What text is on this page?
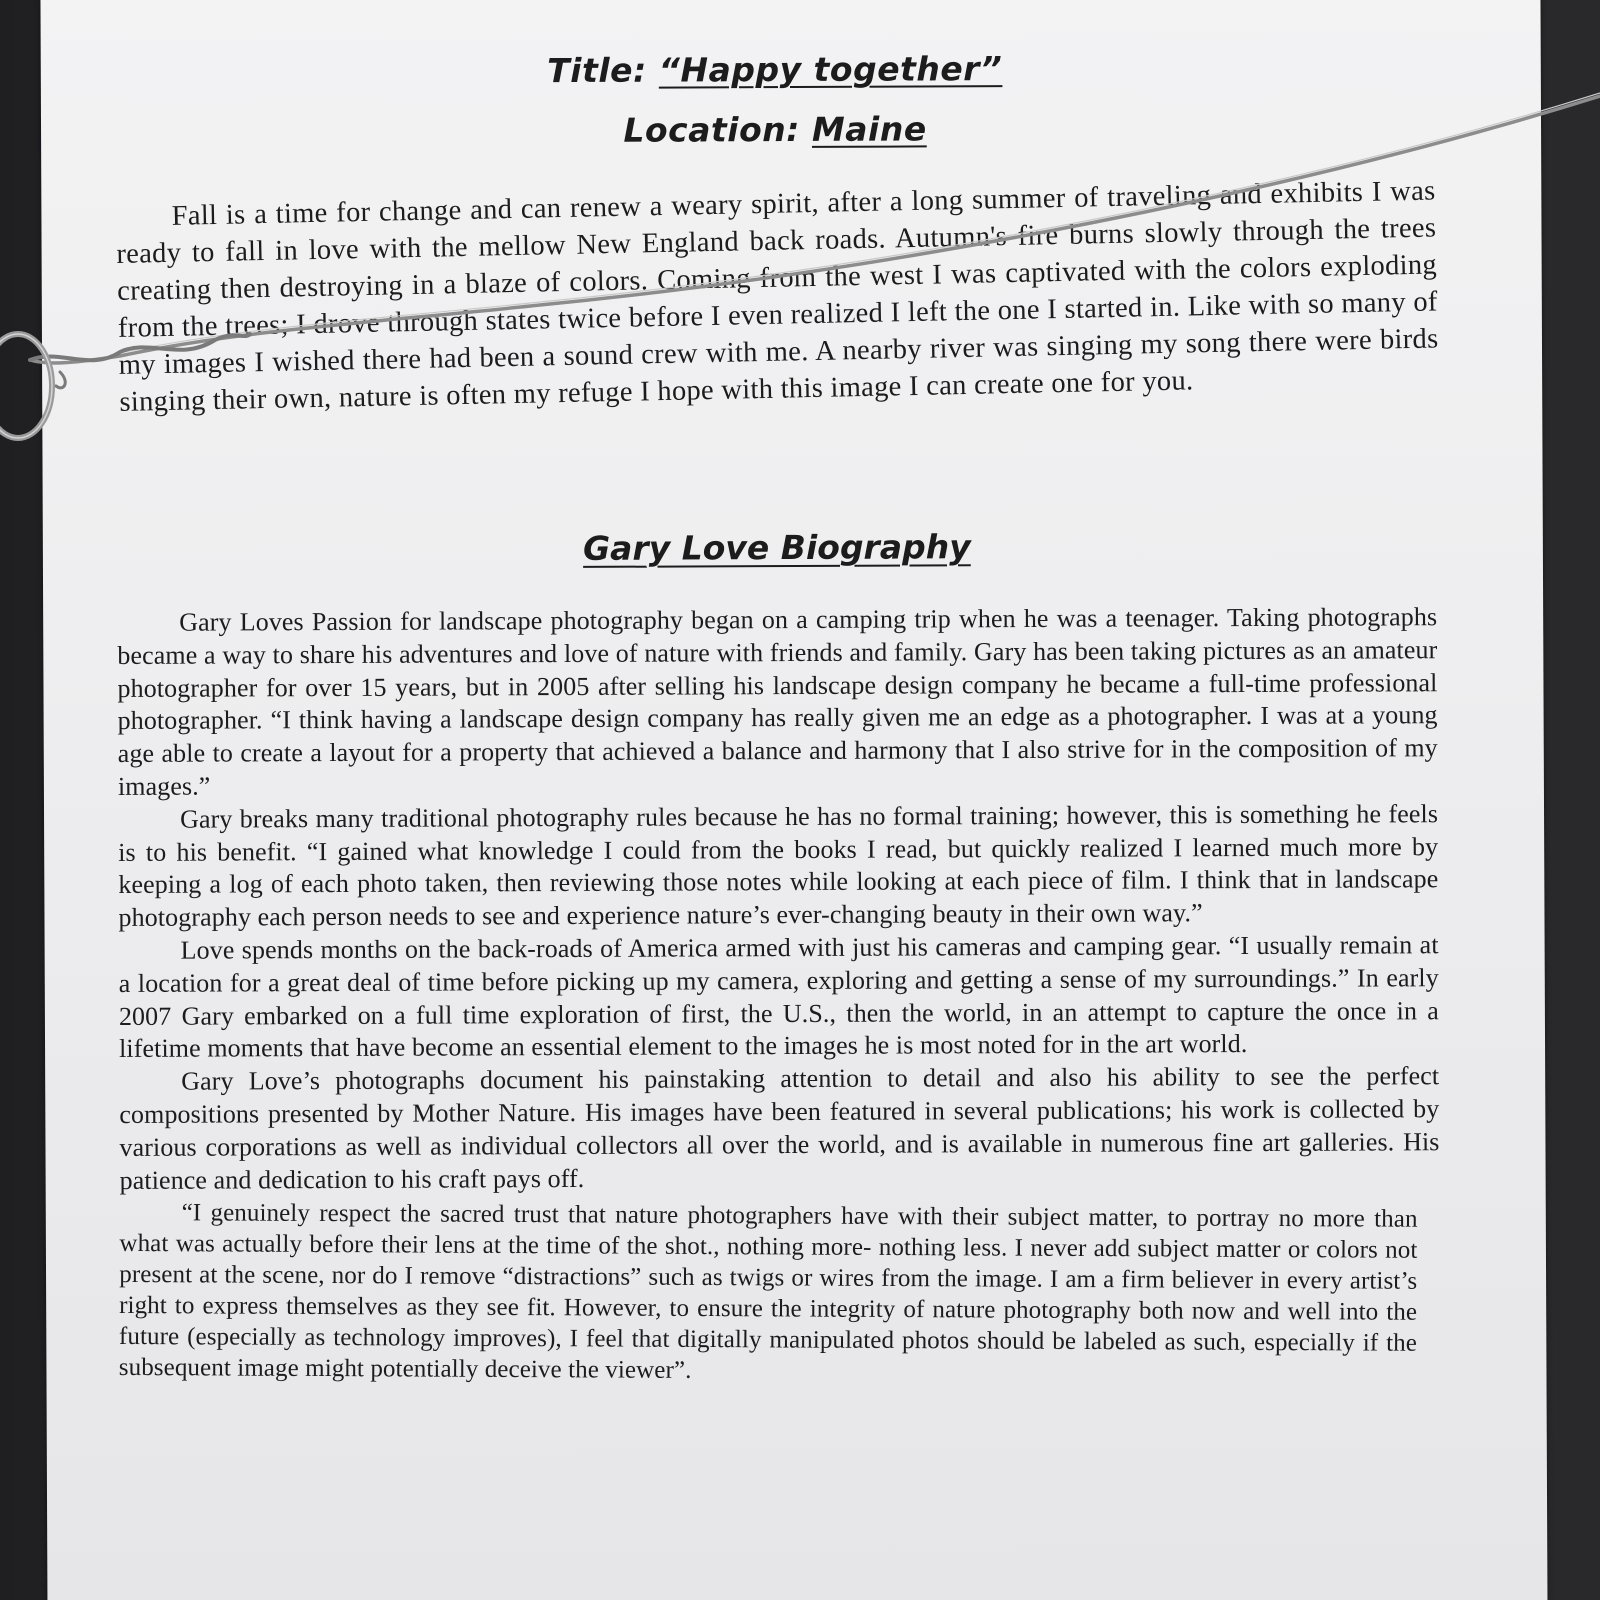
Title: “Happy together”
Location: Maine

Fall is a time for change and can renew a weary spirit, after a long summer of traveling and exhibits I was ready to fall in love with the mellow New England back roads. Autumn's fire burns slowly through the trees creating then destroying in a blaze of colors. Coming from the west I was captivated with the colors exploding from the trees; I drove through states twice before I even realized I left the one I started in. Like with so many of my images I wished there had been a sound crew with me. A nearby river was singing my song there were birds singing their own, nature is often my refuge I hope with this image I can create one for you.

Gary Love Biography

Gary Loves Passion for landscape photography began on a camping trip when he was a teenager. Taking photographs became a way to share his adventures and love of nature with friends and family. Gary has been taking pictures as an amateur photographer for over 15 years, but in 2005 after selling his landscape design company he became a full-time professional photographer. “I think having a landscape design company has really given me an edge as a photographer. I was at a young age able to create a layout for a property that achieved a balance and harmony that I also strive for in the composition of my images.”

Gary breaks many traditional photography rules because he has no formal training; however, this is something he feels is to his benefit. “I gained what knowledge I could from the books I read, but quickly realized I learned much more by keeping a log of each photo taken, then reviewing those notes while looking at each piece of film. I think that in landscape photography each person needs to see and experience nature’s ever-changing beauty in their own way.”

Love spends months on the back-roads of America armed with just his cameras and camping gear. “I usually remain at a location for a great deal of time before picking up my camera, exploring and getting a sense of my surroundings.” In early 2007 Gary embarked on a full time exploration of first, the U.S., then the world, in an attempt to capture the once in a lifetime moments that have become an essential element to the images he is most noted for in the art world.

Gary Love’s photographs document his painstaking attention to detail and also his ability to see the perfect compositions presented by Mother Nature. His images have been featured in several publications; his work is collected by various corporations as well as individual collectors all over the world, and is available in numerous fine art galleries. His patience and dedication to his craft pays off.

“I genuinely respect the sacred trust that nature photographers have with their subject matter, to portray no more than what was actually before their lens at the time of the shot., nothing more- nothing less. I never add subject matter or colors not present at the scene, nor do I remove “distractions” such as twigs or wires from the image. I am a firm believer in every artist’s right to express themselves as they see fit. However, to ensure the integrity of nature photography both now and well into the future (especially as technology improves), I feel that digitally manipulated photos should be labeled as such, especially if the subsequent image might potentially deceive the viewer”.
